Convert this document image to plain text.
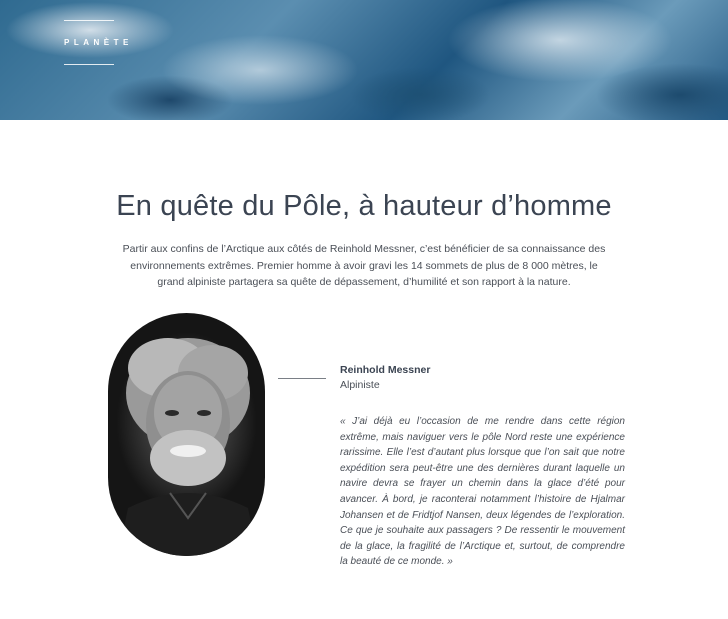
PLANÈTE
En quête du Pôle, à hauteur d’homme

Partir aux confins de l’Arctique aux côtés de Reinhold Messner, c’est bénéficier de sa connaissance des environnements extrêmes. Premier homme à avoir gravi les 14 sommets de plus de 8 000 mètres, le grand alpiniste partagera sa quête de dépassement, d’humilité et son rapport à la nature.

Reinhold Messner
Alpiniste

« J’ai déjà eu l’occasion de me rendre dans cette région extrême, mais naviguer vers le pôle Nord reste une expérience rarissime. Elle l’est d’autant plus lorsque que l’on sait que notre expédition sera peut-être une des dernières durant laquelle un navire devra se frayer un chemin dans la glace d’été pour avancer. À bord, je raconterai notamment l’histoire de Hjalmar Johansen et de Fridtjof Nansen, deux légendes de l’exploration. Ce que je souhaite aux passagers ? De ressentir le mouvement de la glace, la fragilité de l’Arctique et, surtout, de comprendre la beauté de ce monde. »
